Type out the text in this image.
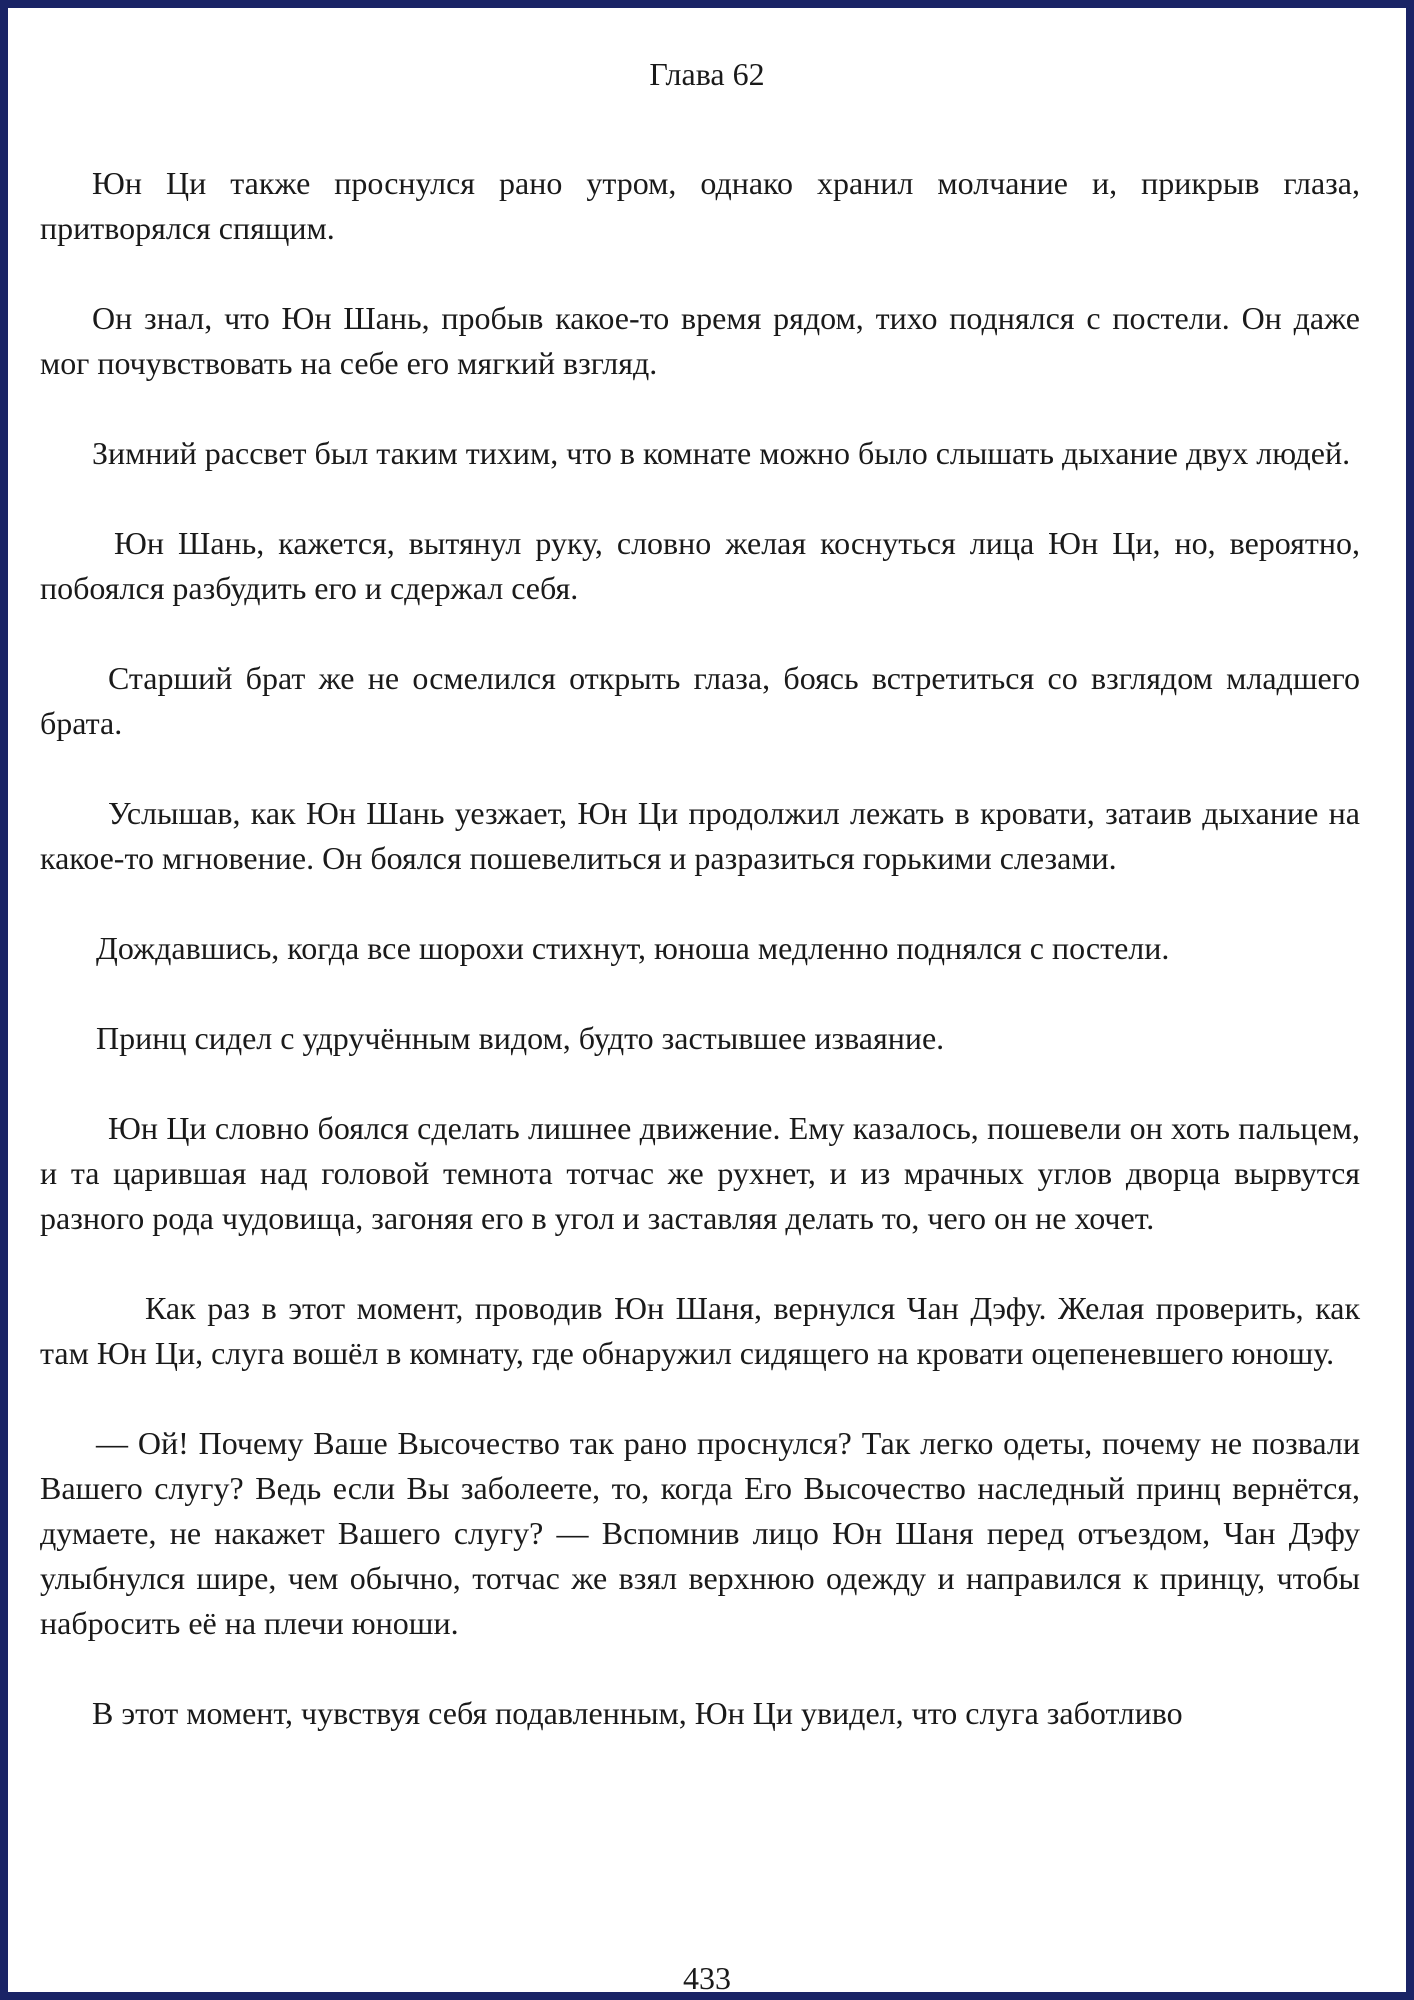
Глава 62

Юн Ци также проснулся рано утром, однако хранил молчание и, прикрыв глаза, притворялся спящим.

Он знал, что Юн Шань, пробыв какое-то время рядом, тихо поднялся с постели. Он даже мог почувствовать на себе его мягкий взгляд.

Зимний рассвет был таким тихим, что в комнате можно было слышать дыхание двух людей.

Юн Шань, кажется, вытянул руку, словно желая коснуться лица Юн Ци, но, вероятно, побоялся разбудить его и сдержал себя.

Старший брат же не осмелился открыть глаза, боясь встретиться со взглядом младшего брата.

Услышав, как Юн Шань уезжает, Юн Ци продолжил лежать в кровати, затаив дыхание на какое-то мгновение. Он боялся пошевелиться и разразиться горькими слезами.

Дождавшись, когда все шорохи стихнут, юноша медленно поднялся с постели.

Принц сидел с удручённым видом, будто застывшее изваяние.

Юн Ци словно боялся сделать лишнее движение. Ему казалось, пошевели он хоть пальцем, и та царившая над головой темнота тотчас же рухнет, и из мрачных углов дворца вырвутся разного рода чудовища, загоняя его в угол и заставляя делать то, чего он не хочет.

Как раз в этот момент, проводив Юн Шаня, вернулся Чан Дэфу. Желая проверить, как там Юн Ци, слуга вошёл в комнату, где обнаружил сидящего на кровати оцепеневшего юношу.

— Ой! Почему Ваше Высочество так рано проснулся? Так легко одеты, почему не позвали Вашего слугу? Ведь если Вы заболеете, то, когда Его Высочество наследный принц вернётся, думаете, не накажет Вашего слугу? — Вспомнив лицо Юн Шаня перед отъездом, Чан Дэфу улыбнулся шире, чем обычно, тотчас же взял верхнюю одежду и направился к принцу, чтобы набросить её на плечи юноши.

В этот момент, чувствуя себя подавленным, Юн Ци увидел, что слуга заботливо

433
